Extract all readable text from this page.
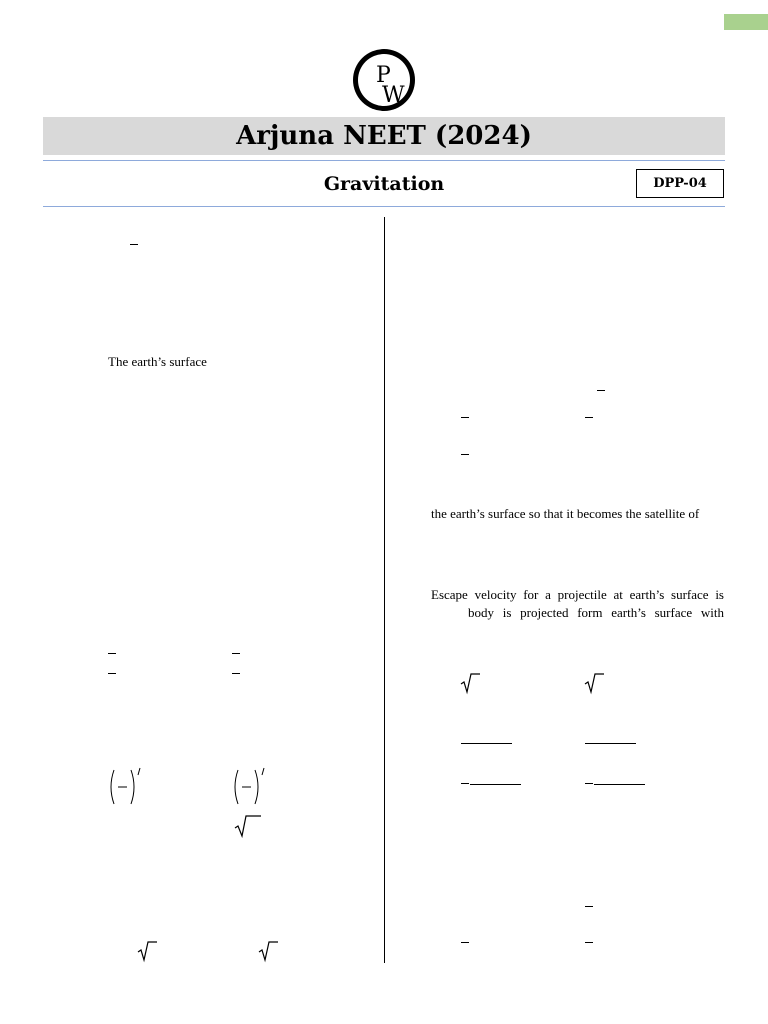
P
W
Arjuna NEET (2024)
Gravitation	DPP-04
The earth’s surface
the earth’s surface so that it becomes the satellite of
Escape velocity for a projectile at earth’s surface is
body is projected form earth’s surface with
